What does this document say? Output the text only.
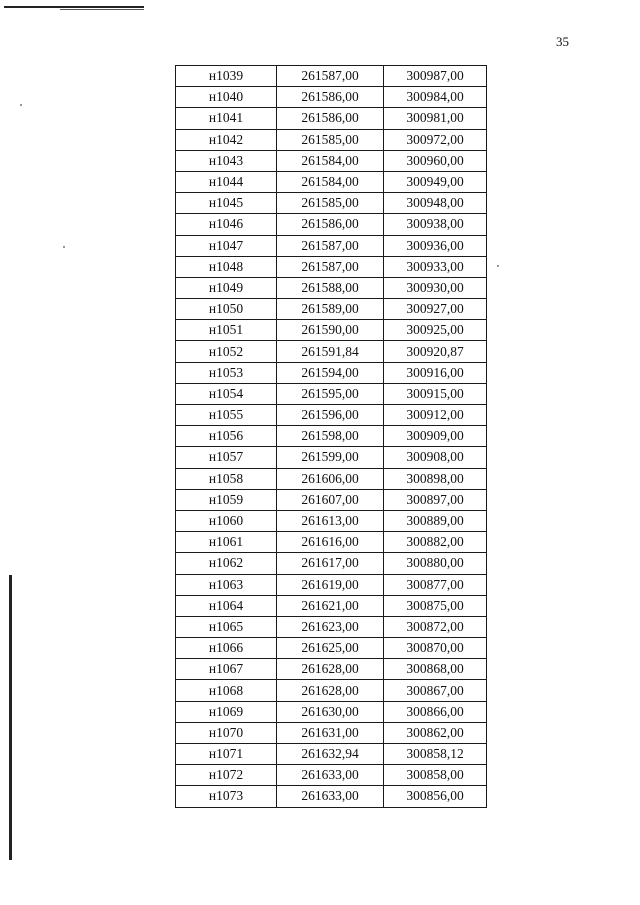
35
н1039	261587,00	300987,00
н1040	261586,00	300984,00
н1041	261586,00	300981,00
н1042	261585,00	300972,00
н1043	261584,00	300960,00
н1044	261584,00	300949,00
н1045	261585,00	300948,00
н1046	261586,00	300938,00
н1047	261587,00	300936,00
н1048	261587,00	300933,00
н1049	261588,00	300930,00
н1050	261589,00	300927,00
н1051	261590,00	300925,00
н1052	261591,84	300920,87
н1053	261594,00	300916,00
н1054	261595,00	300915,00
н1055	261596,00	300912,00
н1056	261598,00	300909,00
н1057	261599,00	300908,00
н1058	261606,00	300898,00
н1059	261607,00	300897,00
н1060	261613,00	300889,00
н1061	261616,00	300882,00
н1062	261617,00	300880,00
н1063	261619,00	300877,00
н1064	261621,00	300875,00
н1065	261623,00	300872,00
н1066	261625,00	300870,00
н1067	261628,00	300868,00
н1068	261628,00	300867,00
н1069	261630,00	300866,00
н1070	261631,00	300862,00
н1071	261632,94	300858,12
н1072	261633,00	300858,00
н1073	261633,00	300856,00
